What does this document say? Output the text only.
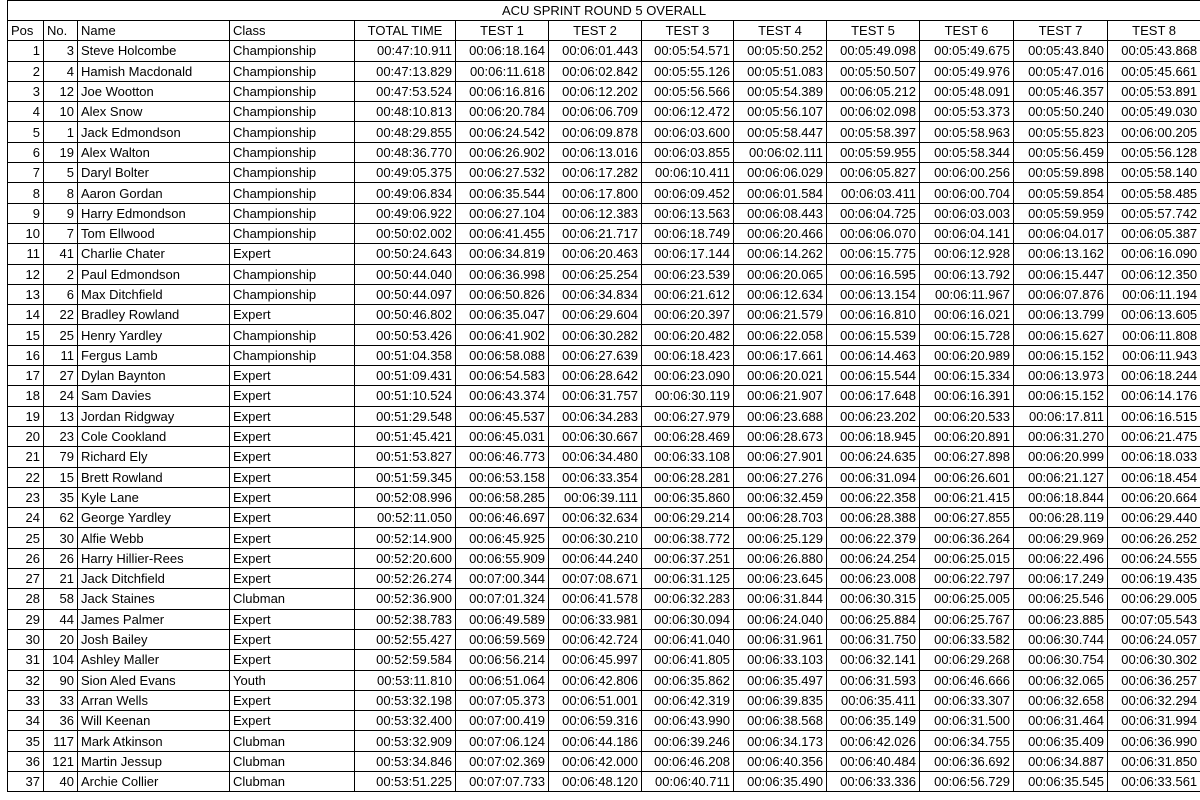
ACU SPRINT ROUND 5 OVERALL												
Pos	No.	Name	Class	TOTAL TIME	TEST 1	TEST 2	TEST 3	TEST 4	TEST 5	TEST 6	TEST 7	TEST 8
1	3	Steve Holcombe	Championship	00:47:10.911	00:06:18.164	00:06:01.443	00:05:54.571	00:05:50.252	00:05:49.098	00:05:49.675	00:05:43.840	00:05:43.868
2	4	Hamish Macdonald	Championship	00:47:13.829	00:06:11.618	00:06:02.842	00:05:55.126	00:05:51.083	00:05:50.507	00:05:49.976	00:05:47.016	00:05:45.661
3	12	Joe Wootton	Championship	00:47:53.524	00:06:16.816	00:06:12.202	00:05:56.566	00:05:54.389	00:06:05.212	00:05:48.091	00:05:46.357	00:05:53.891
4	10	Alex Snow	Championship	00:48:10.813	00:06:20.784	00:06:06.709	00:06:12.472	00:05:56.107	00:06:02.098	00:05:53.373	00:05:50.240	00:05:49.030
5	1	Jack Edmondson	Championship	00:48:29.855	00:06:24.542	00:06:09.878	00:06:03.600	00:05:58.447	00:05:58.397	00:05:58.963	00:05:55.823	00:06:00.205
6	19	Alex Walton	Championship	00:48:36.770	00:06:26.902	00:06:13.016	00:06:03.855	00:06:02.111	00:05:59.955	00:05:58.344	00:05:56.459	00:05:56.128
7	5	Daryl Bolter	Championship	00:49:05.375	00:06:27.532	00:06:17.282	00:06:10.411	00:06:06.029	00:06:05.827	00:06:00.256	00:05:59.898	00:05:58.140
8	8	Aaron Gordan	Championship	00:49:06.834	00:06:35.544	00:06:17.800	00:06:09.452	00:06:01.584	00:06:03.411	00:06:00.704	00:05:59.854	00:05:58.485
9	9	Harry Edmondson	Championship	00:49:06.922	00:06:27.104	00:06:12.383	00:06:13.563	00:06:08.443	00:06:04.725	00:06:03.003	00:05:59.959	00:05:57.742
10	7	Tom Ellwood	Championship	00:50:02.002	00:06:41.455	00:06:21.717	00:06:18.749	00:06:20.466	00:06:06.070	00:06:04.141	00:06:04.017	00:06:05.387
11	41	Charlie Chater	Expert	00:50:24.643	00:06:34.819	00:06:20.463	00:06:17.144	00:06:14.262	00:06:15.775	00:06:12.928	00:06:13.162	00:06:16.090
12	2	Paul Edmondson	Championship	00:50:44.040	00:06:36.998	00:06:25.254	00:06:23.539	00:06:20.065	00:06:16.595	00:06:13.792	00:06:15.447	00:06:12.350
13	6	Max Ditchfield	Championship	00:50:44.097	00:06:50.826	00:06:34.834	00:06:21.612	00:06:12.634	00:06:13.154	00:06:11.967	00:06:07.876	00:06:11.194
14	22	Bradley Rowland	Expert	00:50:46.802	00:06:35.047	00:06:29.604	00:06:20.397	00:06:21.579	00:06:16.810	00:06:16.021	00:06:13.799	00:06:13.605
15	25	Henry Yardley	Championship	00:50:53.426	00:06:41.902	00:06:30.282	00:06:20.482	00:06:22.058	00:06:15.539	00:06:15.728	00:06:15.627	00:06:11.808
16	11	Fergus Lamb	Championship	00:51:04.358	00:06:58.088	00:06:27.639	00:06:18.423	00:06:17.661	00:06:14.463	00:06:20.989	00:06:15.152	00:06:11.943
17	27	Dylan Baynton	Expert	00:51:09.431	00:06:54.583	00:06:28.642	00:06:23.090	00:06:20.021	00:06:15.544	00:06:15.334	00:06:13.973	00:06:18.244
18	24	Sam Davies	Expert	00:51:10.524	00:06:43.374	00:06:31.757	00:06:30.119	00:06:21.907	00:06:17.648	00:06:16.391	00:06:15.152	00:06:14.176
19	13	Jordan Ridgway	Expert	00:51:29.548	00:06:45.537	00:06:34.283	00:06:27.979	00:06:23.688	00:06:23.202	00:06:20.533	00:06:17.811	00:06:16.515
20	23	Cole Cookland	Expert	00:51:45.421	00:06:45.031	00:06:30.667	00:06:28.469	00:06:28.673	00:06:18.945	00:06:20.891	00:06:31.270	00:06:21.475
21	79	Richard Ely	Expert	00:51:53.827	00:06:46.773	00:06:34.480	00:06:33.108	00:06:27.901	00:06:24.635	00:06:27.898	00:06:20.999	00:06:18.033
22	15	Brett Rowland	Expert	00:51:59.345	00:06:53.158	00:06:33.354	00:06:28.281	00:06:27.276	00:06:31.094	00:06:26.601	00:06:21.127	00:06:18.454
23	35	Kyle Lane	Expert	00:52:08.996	00:06:58.285	00:06:39.111	00:06:35.860	00:06:32.459	00:06:22.358	00:06:21.415	00:06:18.844	00:06:20.664
24	62	George Yardley	Expert	00:52:11.050	00:06:46.697	00:06:32.634	00:06:29.214	00:06:28.703	00:06:28.388	00:06:27.855	00:06:28.119	00:06:29.440
25	30	Alfie Webb	Expert	00:52:14.900	00:06:45.925	00:06:30.210	00:06:38.772	00:06:25.129	00:06:22.379	00:06:36.264	00:06:29.969	00:06:26.252
26	26	Harry Hillier-Rees	Expert	00:52:20.600	00:06:55.909	00:06:44.240	00:06:37.251	00:06:26.880	00:06:24.254	00:06:25.015	00:06:22.496	00:06:24.555
27	21	Jack Ditchfield	Expert	00:52:26.274	00:07:00.344	00:07:08.671	00:06:31.125	00:06:23.645	00:06:23.008	00:06:22.797	00:06:17.249	00:06:19.435
28	58	Jack Staines	Clubman	00:52:36.900	00:07:01.324	00:06:41.578	00:06:32.283	00:06:31.844	00:06:30.315	00:06:25.005	00:06:25.546	00:06:29.005
29	44	James Palmer	Expert	00:52:38.783	00:06:49.589	00:06:33.981	00:06:30.094	00:06:24.040	00:06:25.884	00:06:25.767	00:06:23.885	00:07:05.543
30	20	Josh Bailey	Expert	00:52:55.427	00:06:59.569	00:06:42.724	00:06:41.040	00:06:31.961	00:06:31.750	00:06:33.582	00:06:30.744	00:06:24.057
31	104	Ashley Maller	Expert	00:52:59.584	00:06:56.214	00:06:45.997	00:06:41.805	00:06:33.103	00:06:32.141	00:06:29.268	00:06:30.754	00:06:30.302
32	90	Sion Aled Evans	Youth	00:53:11.810	00:06:51.064	00:06:42.806	00:06:35.862	00:06:35.497	00:06:31.593	00:06:46.666	00:06:32.065	00:06:36.257
33	33	Arran Wells	Expert	00:53:32.198	00:07:05.373	00:06:51.001	00:06:42.319	00:06:39.835	00:06:35.411	00:06:33.307	00:06:32.658	00:06:32.294
34	36	Will Keenan	Expert	00:53:32.400	00:07:00.419	00:06:59.316	00:06:43.990	00:06:38.568	00:06:35.149	00:06:31.500	00:06:31.464	00:06:31.994
35	117	Mark Atkinson	Clubman	00:53:32.909	00:07:06.124	00:06:44.186	00:06:39.246	00:06:34.173	00:06:42.026	00:06:34.755	00:06:35.409	00:06:36.990
36	121	Martin Jessup	Clubman	00:53:34.846	00:07:02.369	00:06:42.000	00:06:46.208	00:06:40.356	00:06:40.484	00:06:36.692	00:06:34.887	00:06:31.850
37	40	Archie Collier	Clubman	00:53:51.225	00:07:07.733	00:06:48.120	00:06:40.711	00:06:35.490	00:06:33.336	00:06:56.729	00:06:35.545	00:06:33.561
